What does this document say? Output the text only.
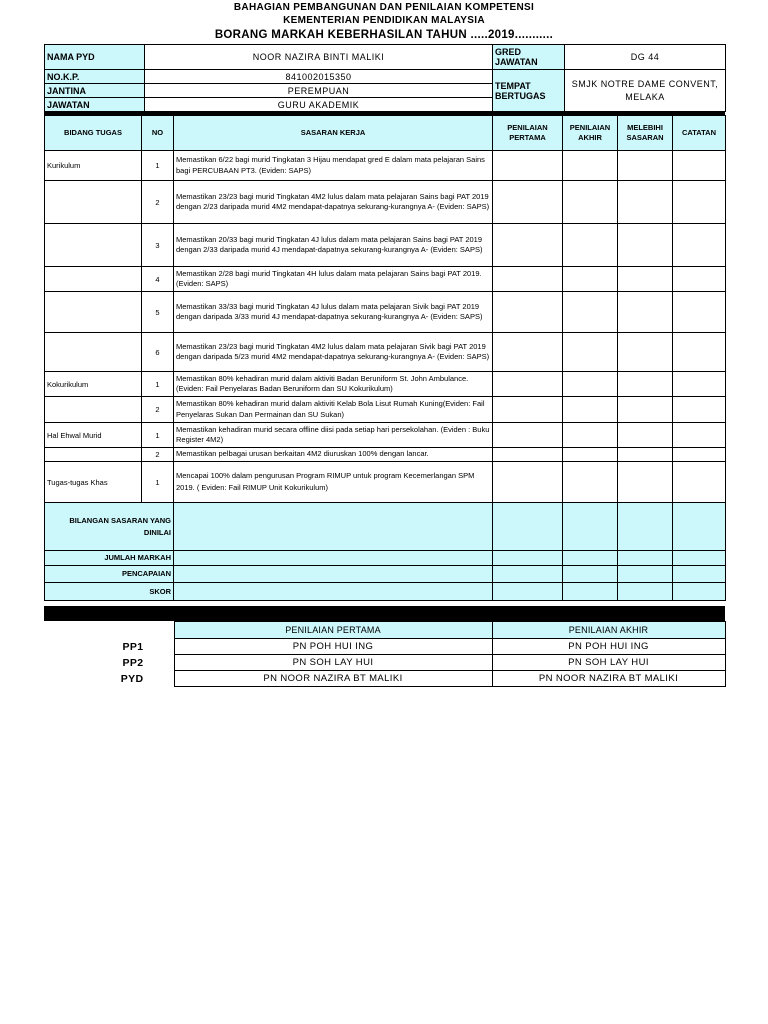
BAHAGIAN PEMBANGUNAN DAN PENILAIAN KOMPETENSI
KEMENTERIAN PENDIDIKAN MALAYSIA
BORANG MARKAH KEBERHASILAN TAHUN .....2019...........
NAMA PYD	NOOR NAZIRA BINTI MALIKI	GRED JAWATAN	DG 44
NO.K.P.	841002015350	TEMPAT BERTUGAS	SMJK NOTRE DAME CONVENT, MELAKA
JANTINA	PEREMPUAN		
JAWATAN	GURU AKADEMIK		
BIDANG TUGAS	NO	SASARAN KERJA	PENILAIAN PERTAMA	PENILAIAN AKHIR	MELEBIHI SASARAN	CATATAN
Kurikulum	1	Memastikan 6/22 bagi murid Tingkatan 3 Hijau mendapat gred E dalam mata pelajaran Sains bagi PERCUBAAN PT3. (Eviden: SAPS)				
	2	Memastikan 23/23 bagi murid Tingkatan 4M2 lulus dalam mata pelajaran Sains bagi PAT 2019 dengan 2/23 daripada murid 4M2 mendapat-dapatnya sekurang-kurangnya A- (Eviden: SAPS)				
	3	Memastikan 20/33 bagi murid Tingkatan 4J lulus dalam mata pelajaran Sains bagi PAT 2019 dengan 2/33 daripada murid 4J mendapat-dapatnya sekurang-kurangnya A- (Eviden: SAPS)				
	4	Memastikan 2/28 bagi murid Tingkatan 4H lulus dalam mata pelajaran Sains bagi PAT 2019. (Eviden: SAPS)				
	5	Memastikan 33/33 bagi murid Tingkatan 4J lulus dalam mata pelajaran Sivik bagi PAT 2019 dengan daripada 3/33 murid 4J mendapat-dapatnya sekurang-kurangnya A- (Eviden: SAPS)				
	6	Memastikan 23/23 bagi murid Tingkatan 4M2 lulus dalam mata pelajaran Sivik bagi PAT 2019 dengan daripada 5/23 murid 4M2 mendapat-dapatnya sekurang-kurangnya A- (Eviden: SAPS)				
Kokurikulum	1	Memastikan 80% kehadiran murid dalam aktiviti Badan Beruniform St. John Ambulance.(Eviden: Fail Penyelaras Badan Beruniform dan SU Kokurikulum)				
	2	Memastikan 80% kehadiran murid dalam aktiviti Kelab Bola Lisut Rumah Kuning(Eviden: Fail Penyelaras Sukan Dan Permainan dan SU Sukan)				
Hal Ehwal Murid	1	Memastikan kehadiran murid secara offline diisi pada setiap hari persekolahan. (Eviden : Buku Register 4M2)				
	2	Memastikan pelbagai urusan berkaitan 4M2 diuruskan 100% dengan lancar.				
Tugas-tugas Khas	1	Mencapai 100% dalam pengurusan Program RIMUP untuk program Kecemerlangan SPM 2019. ( Eviden: Fail RIMUP Unit Kokurikulum)				
BILANGAN SASARAN YANG DINILAI						
JUMLAH MARKAH						
PENCAPAIAN						
SKOR						
	PENILAIAN PERTAMA	PENILAIAN AKHIR
PP1	PN POH HUI ING	PN POH HUI ING
PP2	PN SOH LAY HUI	PN SOH LAY HUI
PYD	PN NOOR NAZIRA BT MALIKI	PN NOOR NAZIRA BT MALIKI
